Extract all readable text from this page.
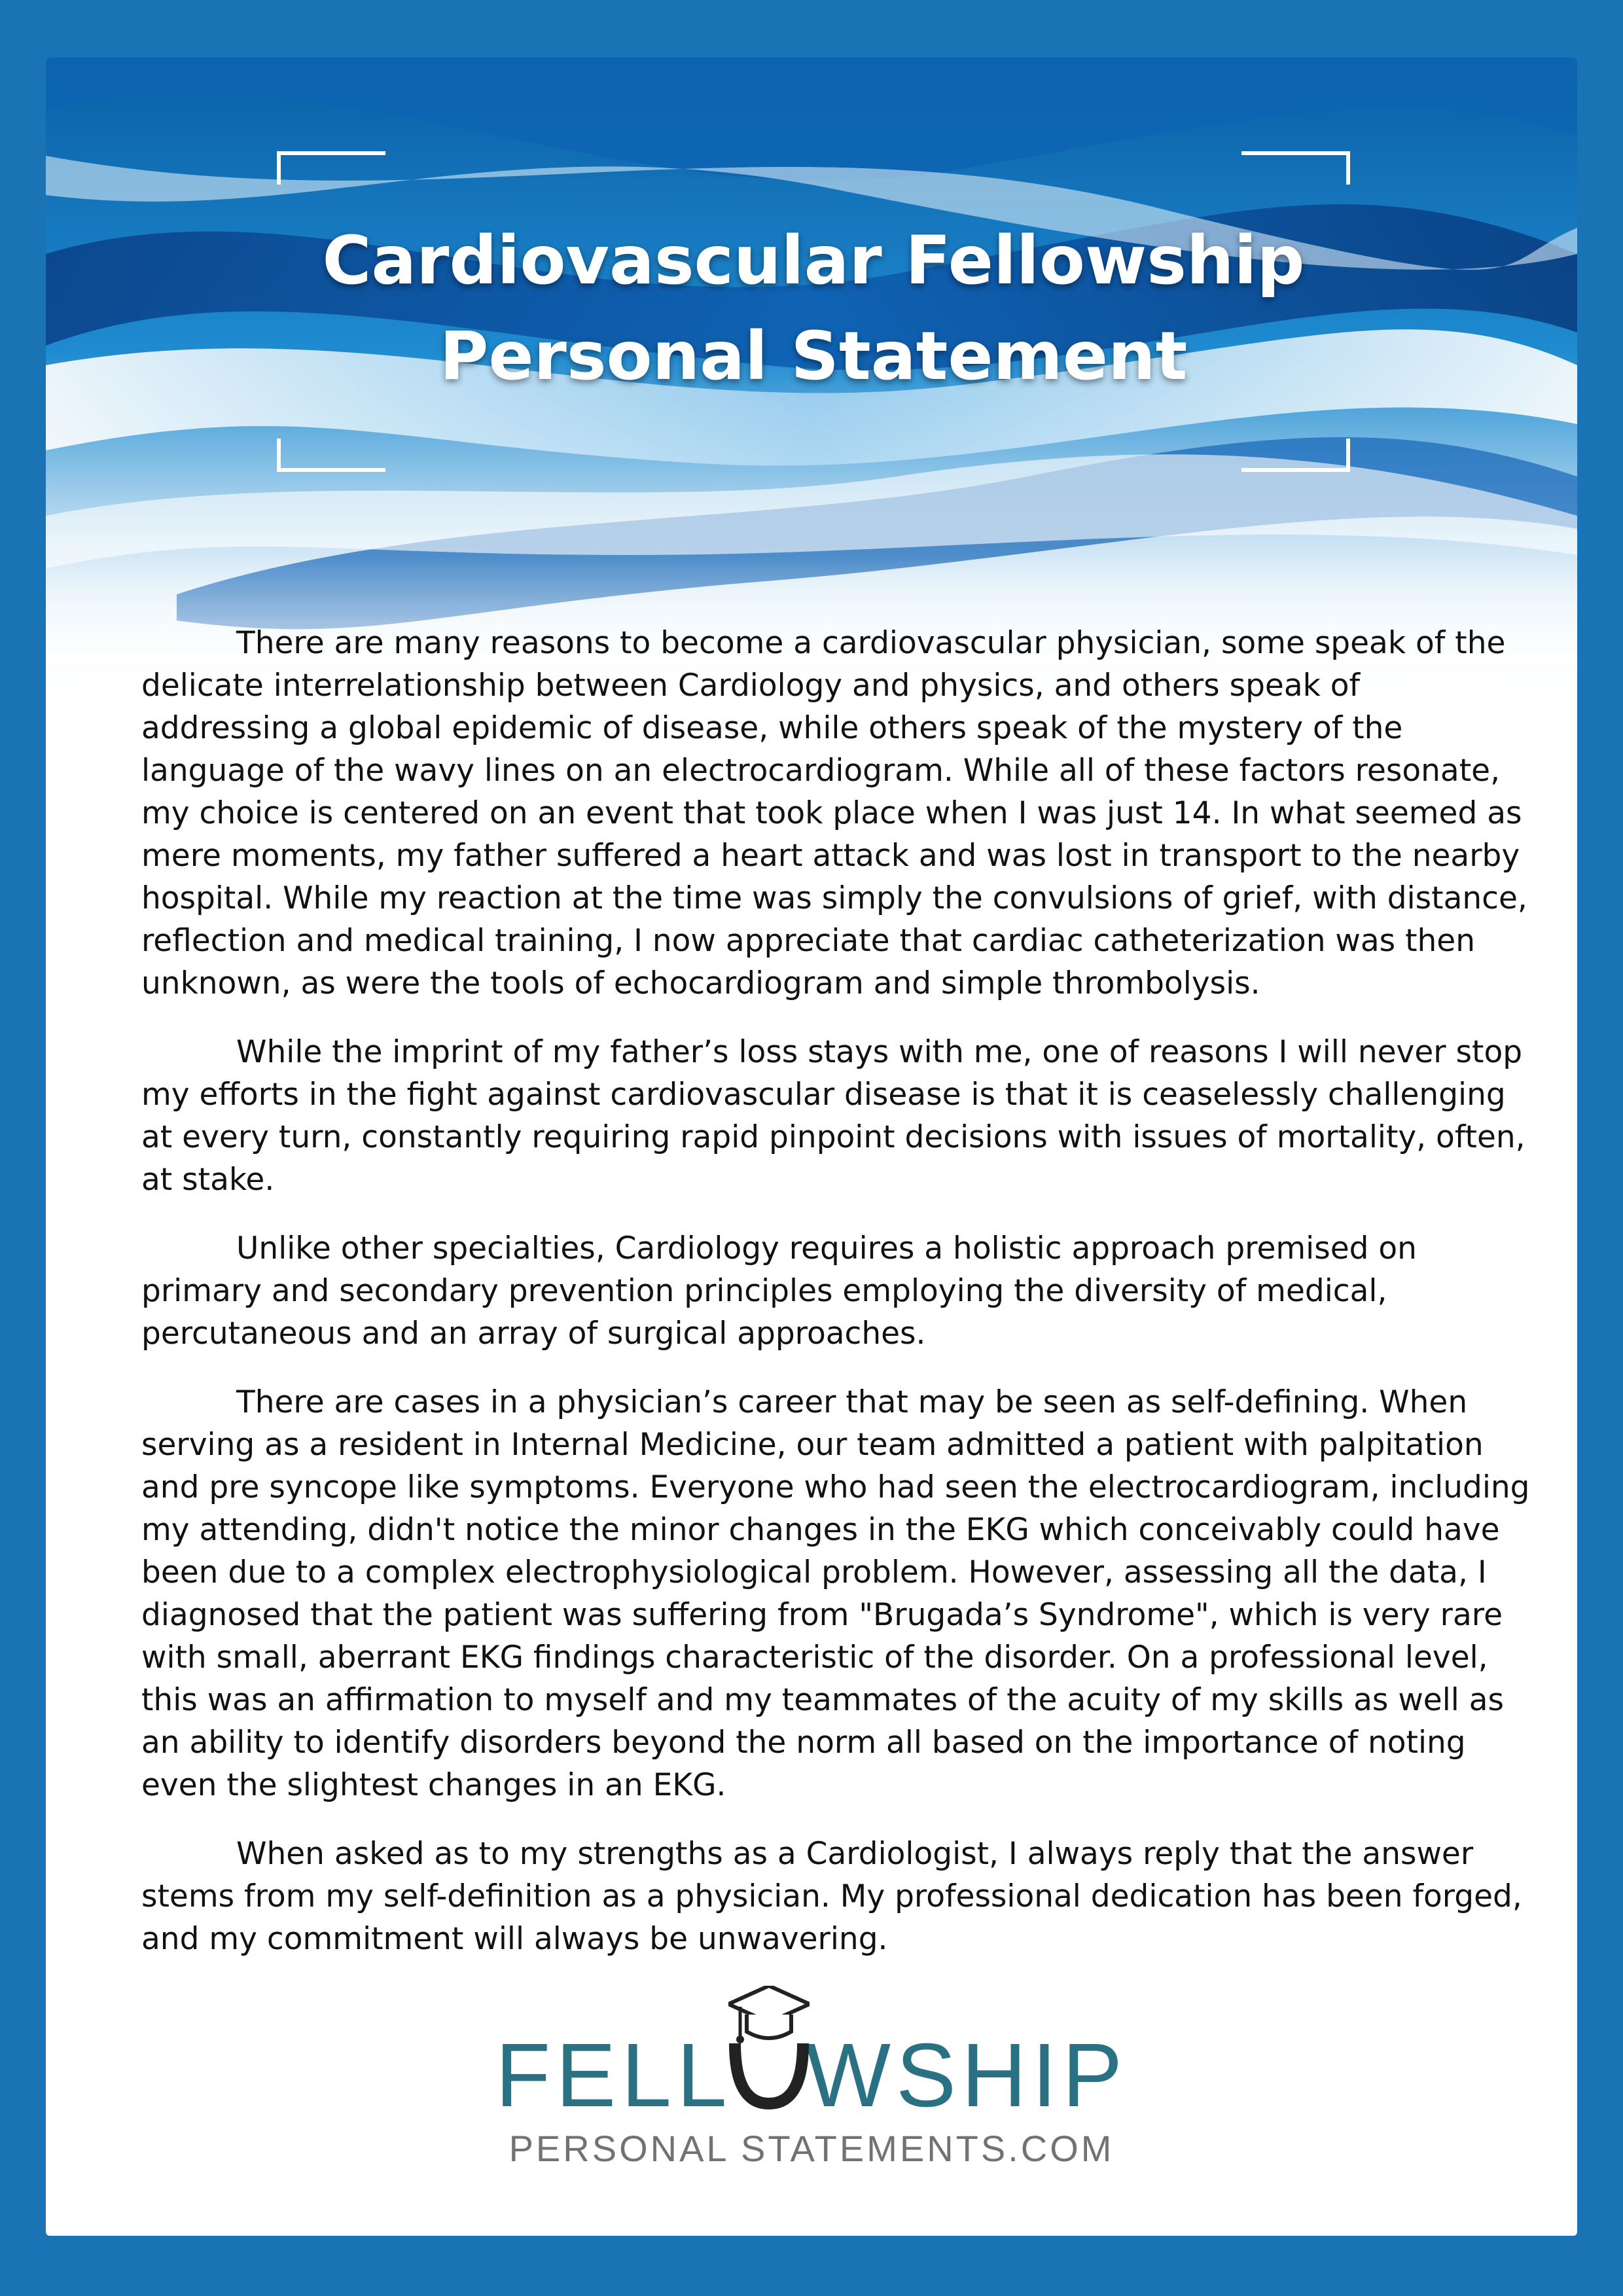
Cardiovascular Fellowship
Personal Statement

There are many reasons to become a cardiovascular physician, some speak of the delicate interrelationship between Cardiology and physics, and others speak of addressing a global epidemic of disease, while others speak of the mystery of the language of the wavy lines on an electrocardiogram. While all of these factors resonate, my choice is centered on an event that took place when I was just 14. In what seemed as mere moments, my father suffered a heart attack and was lost in transport to the nearby hospital. While my reaction at the time was simply the convulsions of grief, with distance, reflection and medical training, I now appreciate that cardiac catheterization was then unknown, as were the tools of echocardiogram and simple thrombolysis.

While the imprint of my father’s loss stays with me, one of reasons I will never stop my efforts in the fight against cardiovascular disease is that it is ceaselessly challenging at every turn, constantly requiring rapid pinpoint decisions with issues of mortality, often, at stake.

Unlike other specialties, Cardiology requires a holistic approach premised on primary and secondary prevention principles employing the diversity of medical, percutaneous and an array of surgical approaches.

There are cases in a physician’s career that may be seen as self-defining. When serving as a resident in Internal Medicine, our team admitted a patient with palpitation and pre syncope like symptoms. Everyone who had seen the electrocardiogram, including my attending, didn't notice the minor changes in the EKG which conceivably could have been due to a complex electrophysiological problem. However, assessing all the data, I diagnosed that the patient was suffering from "Brugada’s Syndrome", which is very rare with small, aberrant EKG findings characteristic of the disorder. On a professional level, this was an affirmation to myself and my teammates of the acuity of my skills as well as an ability to identify disorders beyond the norm all based on the importance of noting even the slightest changes in an EKG.

When asked as to my strengths as a Cardiologist, I always reply that the answer stems from my self-definition as a physician. My professional dedication has been forged, and my commitment will always be unwavering.

FELL WSHIP
PERSONAL STATEMENTS.COM
